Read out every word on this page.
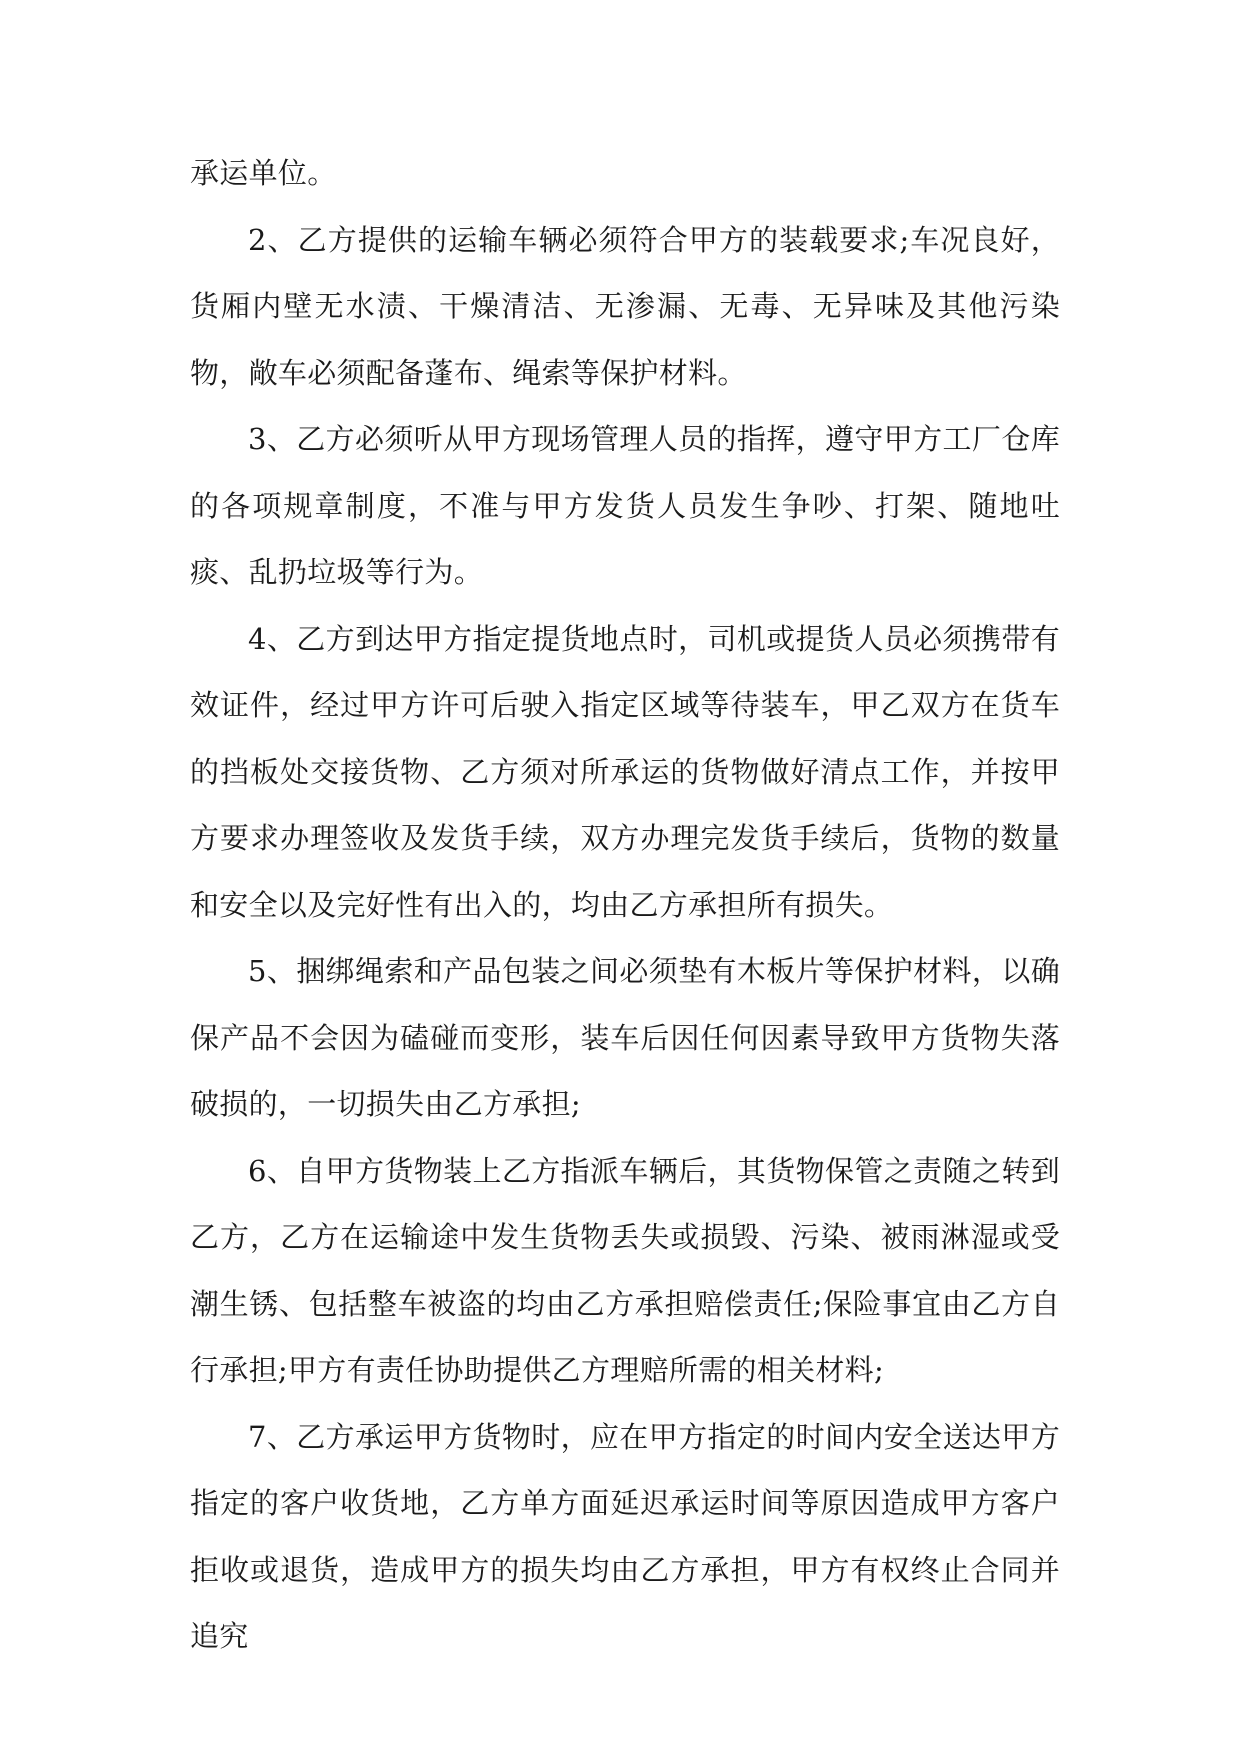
承运单位。

2、乙方提供的运输车辆必须符合甲方的装载要求;车况良好，货厢内壁无水渍、干燥清洁、无渗漏、无毒、无异味及其他污染物，敞车必须配备蓬布、绳索等保护材料。

3、乙方必须听从甲方现场管理人员的指挥，遵守甲方工厂仓库的各项规章制度，不准与甲方发货人员发生争吵、打架、随地吐痰、乱扔垃圾等行为。

4、乙方到达甲方指定提货地点时，司机或提货人员必须携带有效证件，经过甲方许可后驶入指定区域等待装车，甲乙双方在货车的挡板处交接货物、乙方须对所承运的货物做好清点工作，并按甲方要求办理签收及发货手续，双方办理完发货手续后，货物的数量和安全以及完好性有出入的，均由乙方承担所有损失。

5、捆绑绳索和产品包装之间必须垫有木板片等保护材料，以确保产品不会因为磕碰而变形，装车后因任何因素导致甲方货物失落破损的，一切损失由乙方承担;

6、自甲方货物装上乙方指派车辆后，其货物保管之责随之转到乙方，乙方在运输途中发生货物丢失或损毁、污染、被雨淋湿或受潮生锈、包括整车被盗的均由乙方承担赔偿责任;保险事宜由乙方自行承担;甲方有责任协助提供乙方理赔所需的相关材料;

7、乙方承运甲方货物时，应在甲方指定的时间内安全送达甲方指定的客户收货地，乙方单方面延迟承运时间等原因造成甲方客户拒收或退货，造成甲方的损失均由乙方承担，甲方有权终止合同并追究
